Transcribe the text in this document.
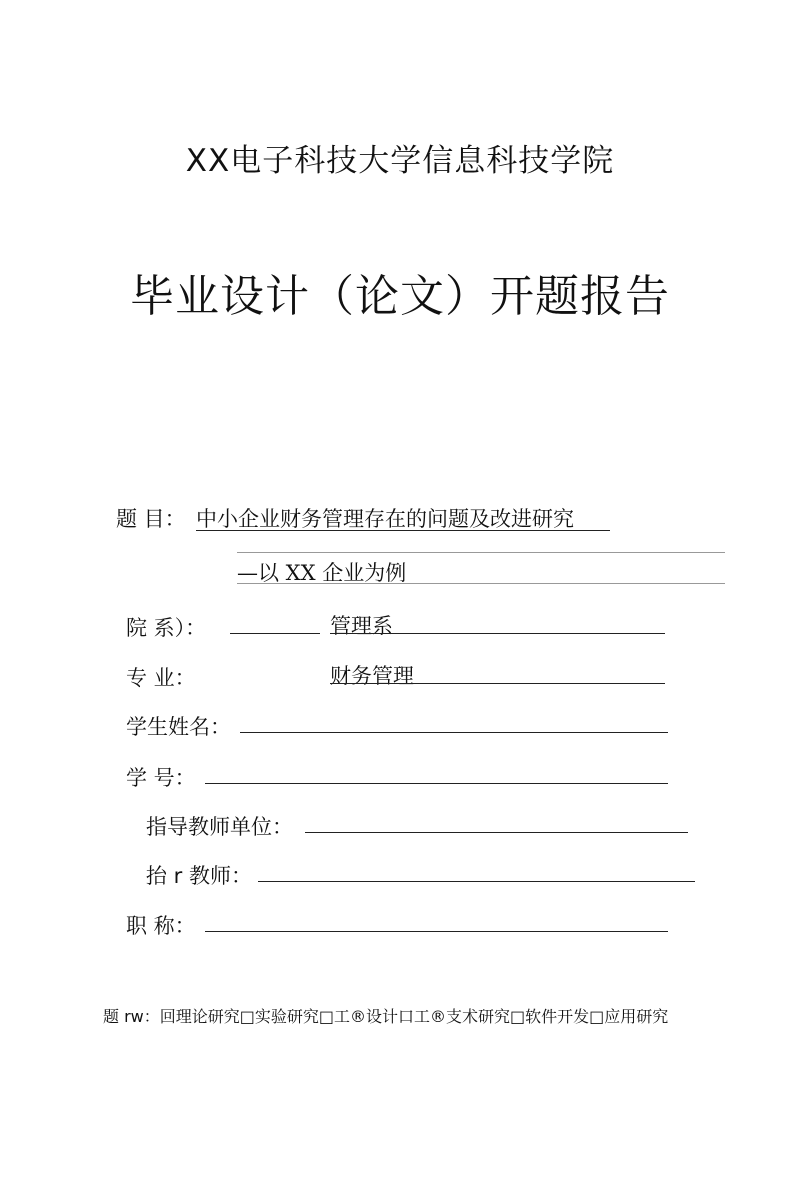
XX电子科技大学信息科技学院
毕业设计（论文）开题报告
题 目： 中小企业财务管理存在的问题及改进研究
—以 XX 企业为例
院 系）：	管理系
专 业：	财务管理
学生姓名：
学 号：
指导教师单位：
抬 r 教师：
职 称：
题 rw：回理论研究□实验研究□工®设计口工®支术研究□软件开发□应用研究
